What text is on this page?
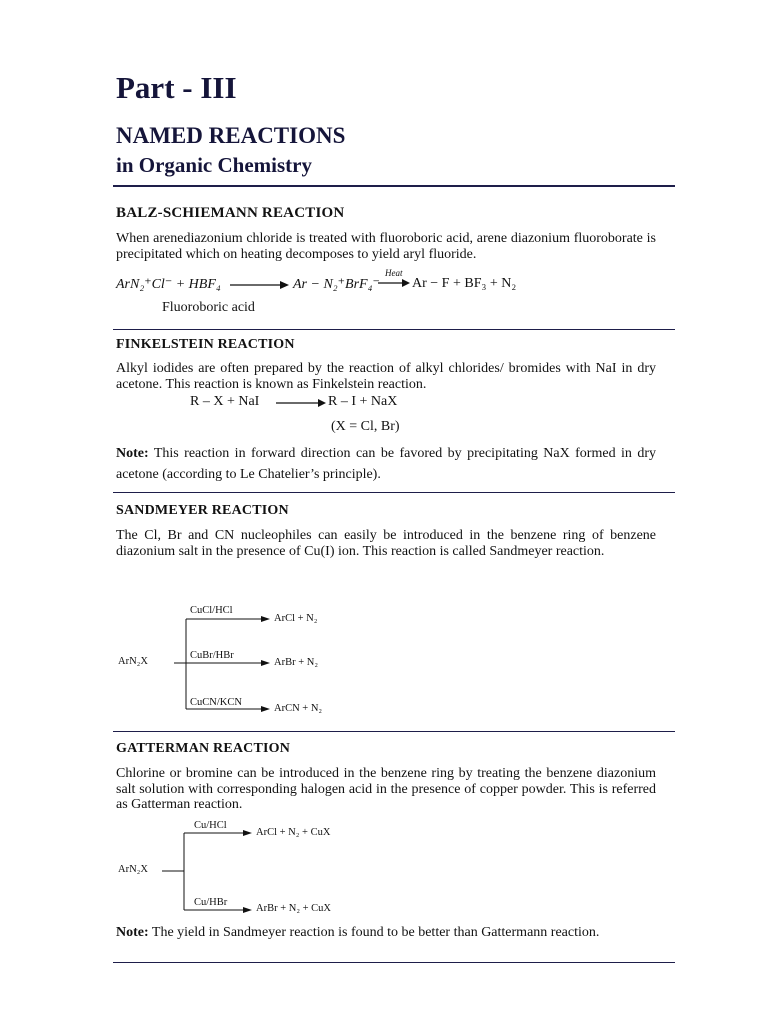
Part - III
NAMED REACTIONS
in Organic Chemistry
BALZ-SCHIEMANN REACTION
When arenediazonium chloride is treated with fluoroboric acid, arene diazonium fluoroborate is precipitated which on heating decomposes to yield aryl fluoride.
ArN₂⁺Cl⁻ + HBF₄	Ar − N₂⁺BrF₄⁻
Heat
Ar − F + BF₃ + N₂
Fluoroboric acid
FINKELSTEIN REACTION
Alkyl iodides are often prepared by the reaction of alkyl chlorides/ bromides with NaI in dry acetone. This reaction is known as Finkelstein reaction.
R – X + NaI	R – I + NaX
(X = Cl, Br)
Note: This reaction in forward direction can be favored by precipitating NaX formed in dry acetone (according to Le Chatelier’s principle).
SANDMEYER REACTION
The Cl, Br and CN nucleophiles can easily be introduced in the benzene ring of benzene diazonium salt in the presence of Cu(I) ion. This reaction is called Sandmeyer reaction.
ArN₂X
CuCl/HCl
ArCl + N₂
CuBr/HBr
ArBr + N₂
CuCN/KCN
ArCN + N₂
GATTERMAN REACTION
Chlorine or bromine can be introduced in the benzene ring by treating the benzene diazonium salt solution with corresponding halogen acid in the presence of copper powder. This is referred as Gatterman reaction.
ArN₂X
Cu/HCl
ArCl + N₂ + CuX
Cu/HBr
ArBr + N₂ + CuX
Note: The yield in Sandmeyer reaction is found to be better than Gattermann reaction.
